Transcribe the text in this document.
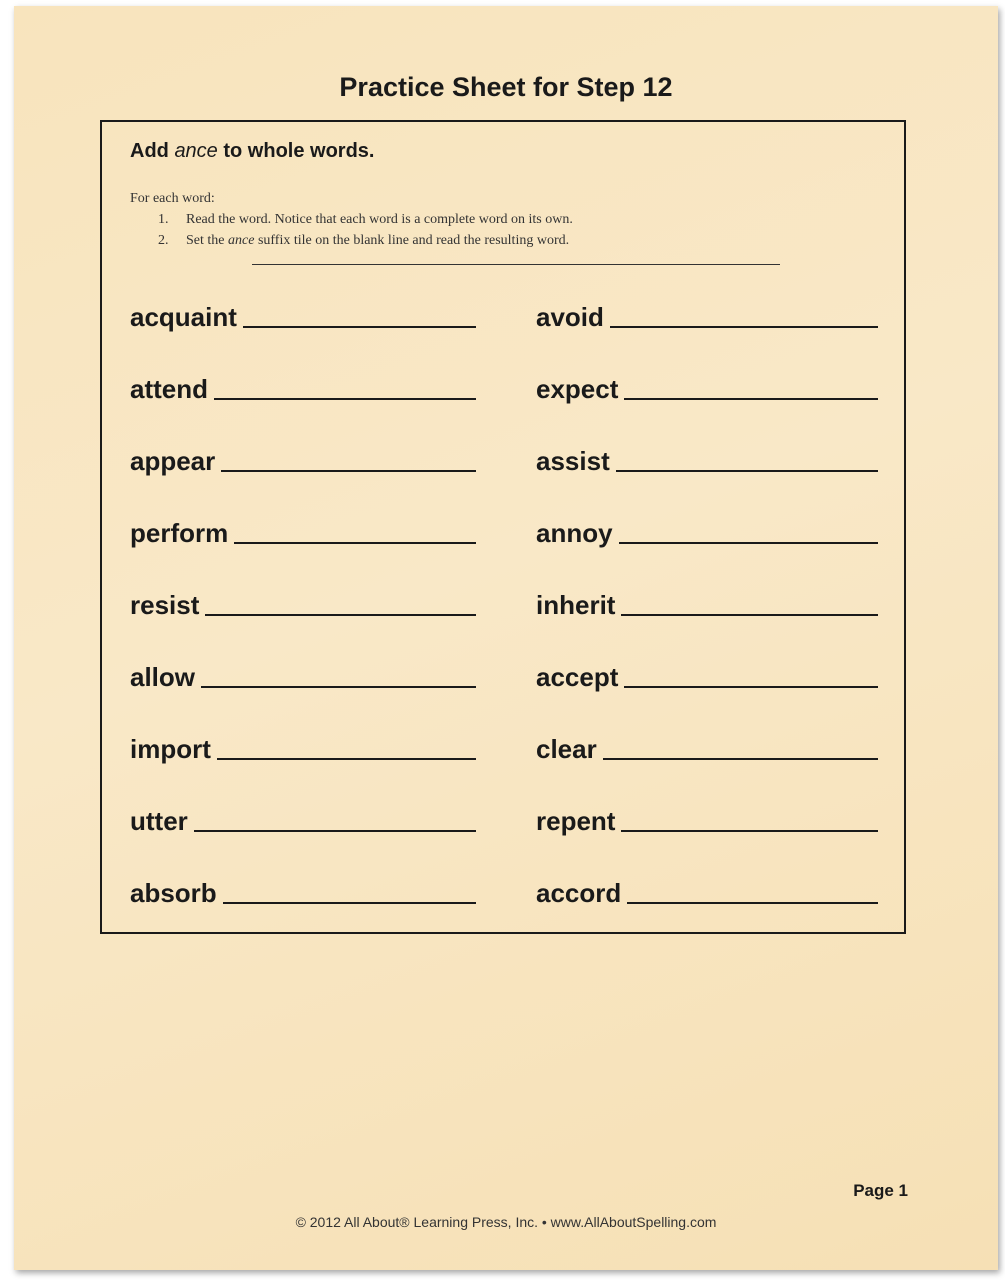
Practice Sheet for Step 12
Add ance to whole words.
For each word:
1. Read the word. Notice that each word is a complete word on its own.
2. Set the ance suffix tile on the blank line and read the resulting word.
acquaint	avoid
attend	expect
appear	assist
perform	annoy
resist	inherit
allow	accept
import	clear
utter	repent
absorb	accord
Page 1
© 2012 All About® Learning Press, Inc. • www.AllAboutSpelling.com
